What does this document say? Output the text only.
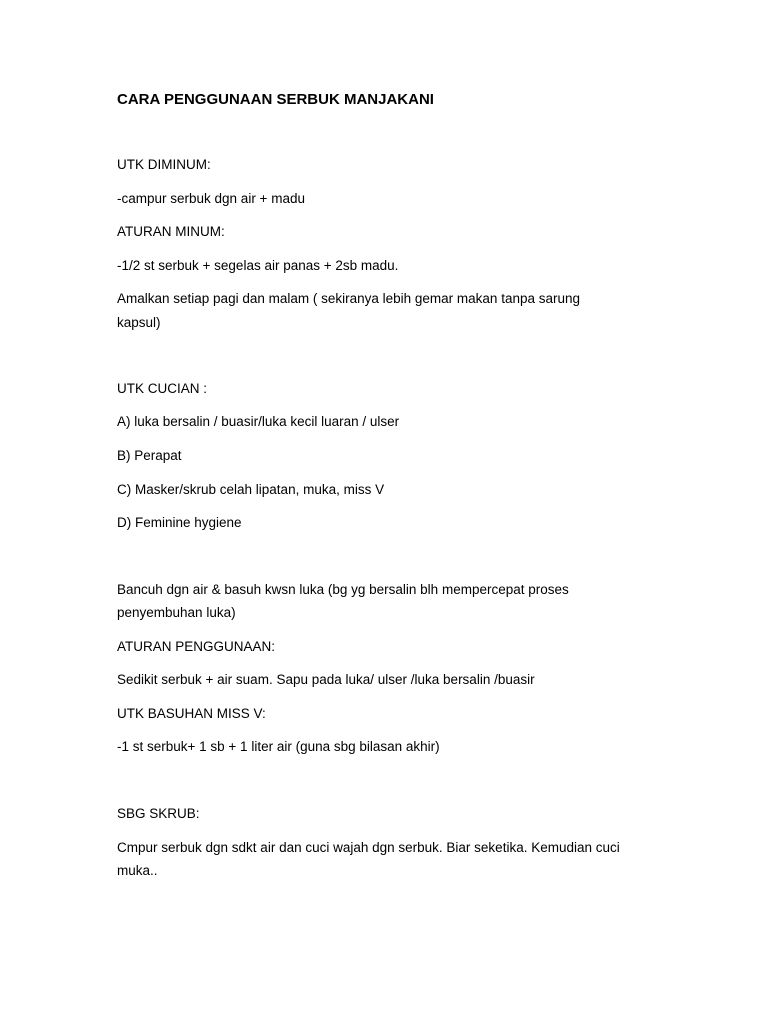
CARA PENGGUNAAN SERBUK MANJAKANI
UTK DIMINUM:
-campur serbuk dgn air + madu
ATURAN MINUM:
-1/2 st serbuk + segelas air panas + 2sb madu.
Amalkan setiap pagi dan malam ( sekiranya lebih gemar makan tanpa sarung
kapsul)
UTK CUCIAN :
A) luka bersalin / buasir/luka kecil luaran / ulser
B) Perapat
C) Masker/skrub celah lipatan, muka, miss V
D) Feminine hygiene
Bancuh dgn air & basuh kwsn luka (bg yg bersalin blh mempercepat proses
penyembuhan luka)
ATURAN PENGGUNAAN:
Sedikit serbuk + air suam. Sapu pada luka/ ulser /luka bersalin /buasir
UTK BASUHAN MISS V:
-1 st serbuk+ 1 sb + 1 liter air (guna sbg bilasan akhir)
SBG SKRUB:
Cmpur serbuk dgn sdkt air dan cuci wajah dgn serbuk. Biar seketika. Kemudian cuci
muka..
